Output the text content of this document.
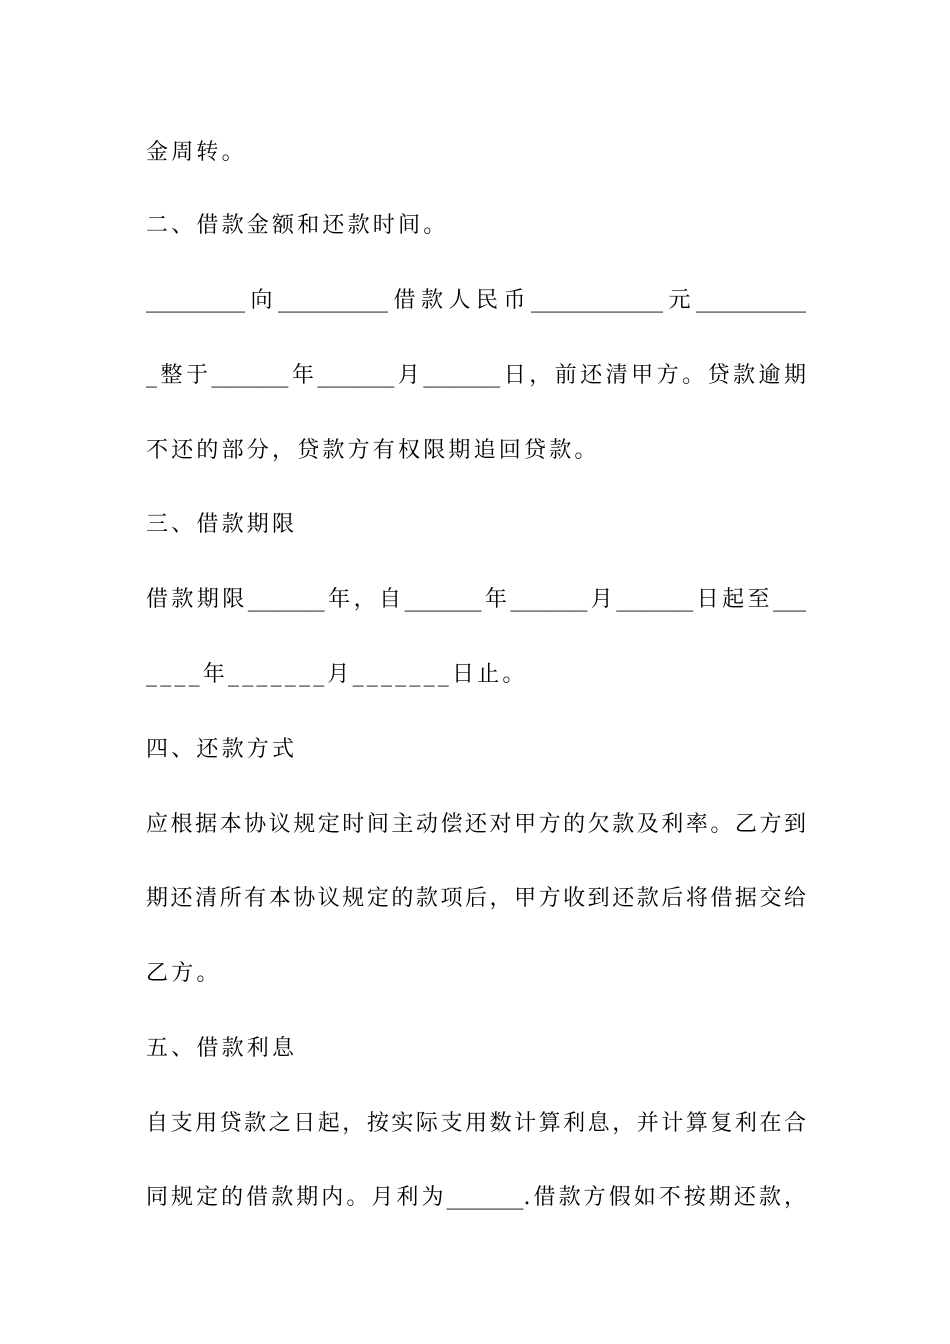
金周转。
二、借款金额和还款时间。
_________向__________借款人民币____________元__________
_整于_______年_______月_______日，前还清甲方。贷款逾期
不还的部分，贷款方有权限期追回贷款。
三、借款期限
借款期限_______年，自_______年_______月_______日起至___
____年_______月_______日止。
四、还款方式
应根据本协议规定时间主动偿还对甲方的欠款及利率。乙方到
期还清所有本协议规定的款项后，甲方收到还款后将借据交给
乙方。
五、借款利息
自支用贷款之日起，按实际支用数计算利息，并计算复利在合
同规定的借款期内。月利为_______.借款方假如不按期还款，
